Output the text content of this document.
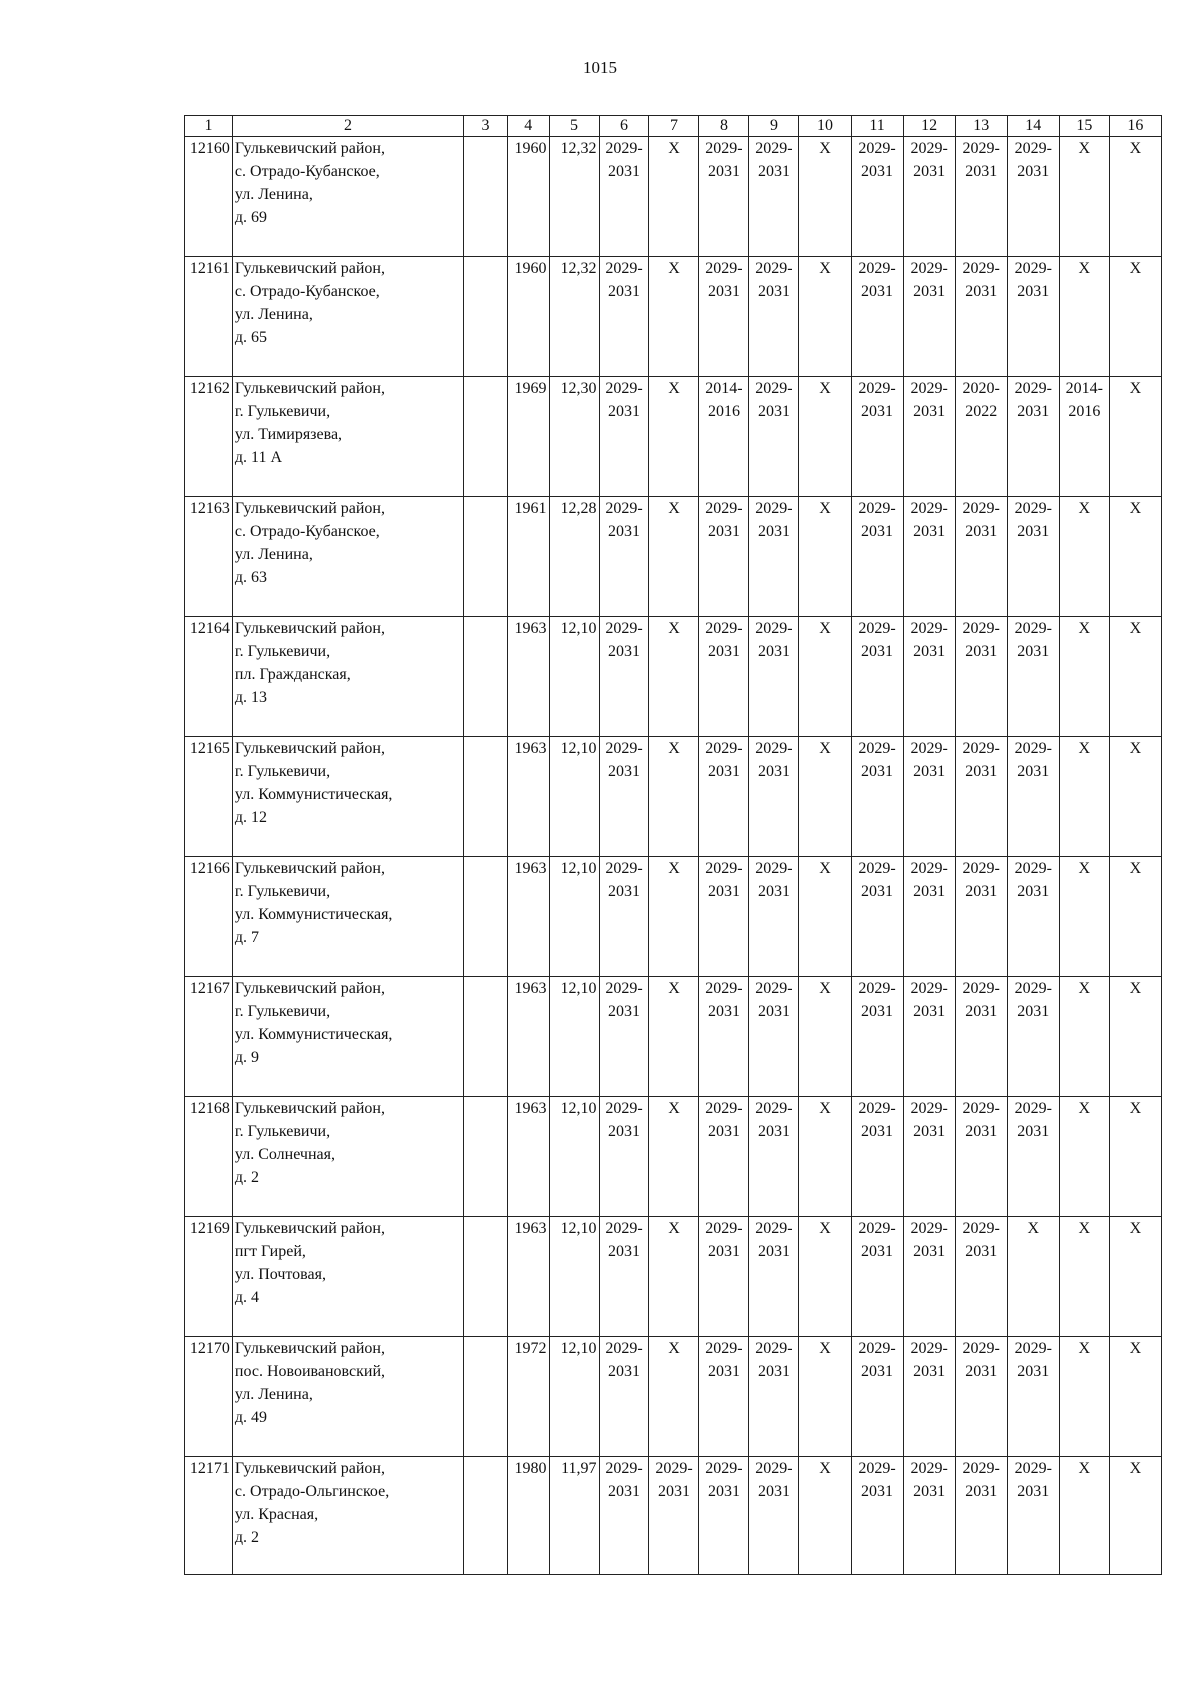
1015
1	2	3	4	5	6	7	8	9	10	11	12	13	14	15	16
12160	Гулькевичский район,
с. Отрадо-Кубанское,
ул. Ленина,
д. 69		1960	12,32	2029-
2031	X	2029-
2031	2029-
2031	X	2029-
2031	2029-
2031	2029-
2031	2029-
2031	X	X
12161	Гулькевичский район,
с. Отрадо-Кубанское,
ул. Ленина,
д. 65		1960	12,32	2029-
2031	X	2029-
2031	2029-
2031	X	2029-
2031	2029-
2031	2029-
2031	2029-
2031	X	X
12162	Гулькевичский район,
г. Гулькевичи,
ул. Тимирязева,
д. 11 А		1969	12,30	2029-
2031	X	2014-
2016	2029-
2031	X	2029-
2031	2029-
2031	2020-
2022	2029-
2031	2014-
2016	X
12163	Гулькевичский район,
с. Отрадо-Кубанское,
ул. Ленина,
д. 63		1961	12,28	2029-
2031	X	2029-
2031	2029-
2031	X	2029-
2031	2029-
2031	2029-
2031	2029-
2031	X	X
12164	Гулькевичский район,
г. Гулькевичи,
пл. Гражданская,
д. 13		1963	12,10	2029-
2031	X	2029-
2031	2029-
2031	X	2029-
2031	2029-
2031	2029-
2031	2029-
2031	X	X
12165	Гулькевичский район,
г. Гулькевичи,
ул. Коммунистическая,
д. 12		1963	12,10	2029-
2031	X	2029-
2031	2029-
2031	X	2029-
2031	2029-
2031	2029-
2031	2029-
2031	X	X
12166	Гулькевичский район,
г. Гулькевичи,
ул. Коммунистическая,
д. 7		1963	12,10	2029-
2031	X	2029-
2031	2029-
2031	X	2029-
2031	2029-
2031	2029-
2031	2029-
2031	X	X
12167	Гулькевичский район,
г. Гулькевичи,
ул. Коммунистическая,
д. 9		1963	12,10	2029-
2031	X	2029-
2031	2029-
2031	X	2029-
2031	2029-
2031	2029-
2031	2029-
2031	X	X
12168	Гулькевичский район,
г. Гулькевичи,
ул. Солнечная,
д. 2		1963	12,10	2029-
2031	X	2029-
2031	2029-
2031	X	2029-
2031	2029-
2031	2029-
2031	2029-
2031	X	X
12169	Гулькевичский район,
пгт Гирей,
ул. Почтовая,
д. 4		1963	12,10	2029-
2031	X	2029-
2031	2029-
2031	X	2029-
2031	2029-
2031	2029-
2031	X	X	X
12170	Гулькевичский район,
пос. Новоивановский,
ул. Ленина,
д. 49		1972	12,10	2029-
2031	X	2029-
2031	2029-
2031	X	2029-
2031	2029-
2031	2029-
2031	2029-
2031	X	X
12171	Гулькевичский район,
с. Отрадо-Ольгинское,
ул. Красная,
д. 2		1980	11,97	2029-
2031	2029-
2031	2029-
2031	2029-
2031	X	2029-
2031	2029-
2031	2029-
2031	2029-
2031	X	X
